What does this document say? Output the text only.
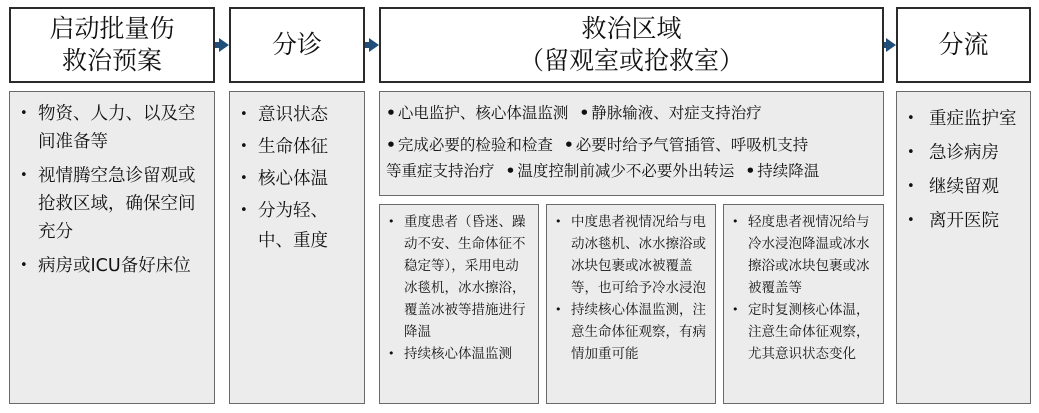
启动批量伤
救治预案
分诊
救治区域
（留观室或抢救室）
分流
• 物资、人力、以及空间准备等
• 视情腾空急诊留观或抢救区域，确保空间充分
• 病房或ICU备好床位
• 意识状态
• 生命体征
• 核心体温
• 分为轻、中、重度
• 心电监护、核心体温监测 • 静脉输液、对症支持治疗
• 完成必要的检验和检查 • 必要时给予气管插管、呼吸机支持
等重症支持治疗 • 温度控制前减少不必要外出转运 • 持续降温
• 重度患者（昏迷、躁动不安、生命体征不稳定等），采用电动冰毯机，冰水擦浴，覆盖冰被等措施进行降温
• 持续核心体温监测
• 中度患者视情况给与电动冰毯机、冰水擦浴或冰块包裹或冰被覆盖等，也可给予冷水浸泡
• 持续核心体温监测，注意生命体征观察，有病情加重可能
• 轻度患者视情况给与冷水浸泡降温或冰水擦浴或冰块包裹或冰被覆盖等
• 定时复测核心体温，注意生命体征观察，尤其意识状态变化
• 重症监护室
• 急诊病房
• 继续留观
• 离开医院
